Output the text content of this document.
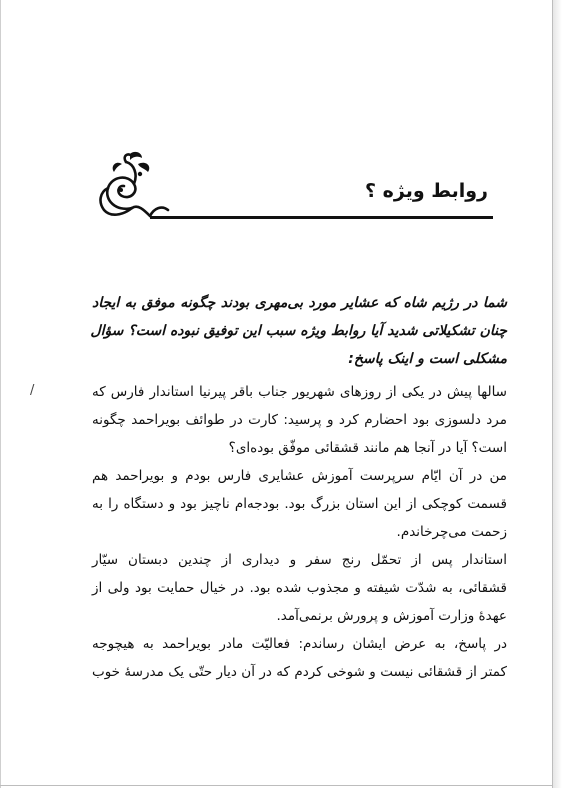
روابط ویژه ؟
/
شما در رژیم شاه که عشایر مورد بی‌مهری بودند چگونه موفق به ایجاد
چنان تشکیلاتی شدید آیا روابط ویژه سبب این توفیق نبوده است؟ سؤال
مشکلی است و اینک پاسخ:
سالها پیش در یکی از روزهای شهریور جناب باقر پیرنیا استاندار فارس که
مرد دلسوزی بود احضارم کرد و پرسید: کارت در طوائف بویراحمد چگونه
است؟ آیا در آنجا هم مانند قشقائی موفّق بوده‌ای؟
من در آن ایّام سرپرست آموزش عشایری فارس بودم و بویراحمد هم
قسمت کوچکی از این استان بزرگ بود. بودجه‌ام ناچیز بود و دستگاه را به
زحمت می‌چرخاندم.
استاندار پس از تحمّل رنج سفر و دیداری از چندین دبستان سیّار
قشقائی، به شدّت شیفته و مجذوب شده بود. در خیال حمایت بود ولی از
عهدهٔ وزارت آموزش و پرورش برنمی‌آمد.
در پاسخ، به عرض ایشان رساندم: فعالیّت مادر بویراحمد به هیچوجه
کمتر از قشقائی نیست و شوخی کردم که در آن دیار حتّی یک مدرسهٔ خوب
